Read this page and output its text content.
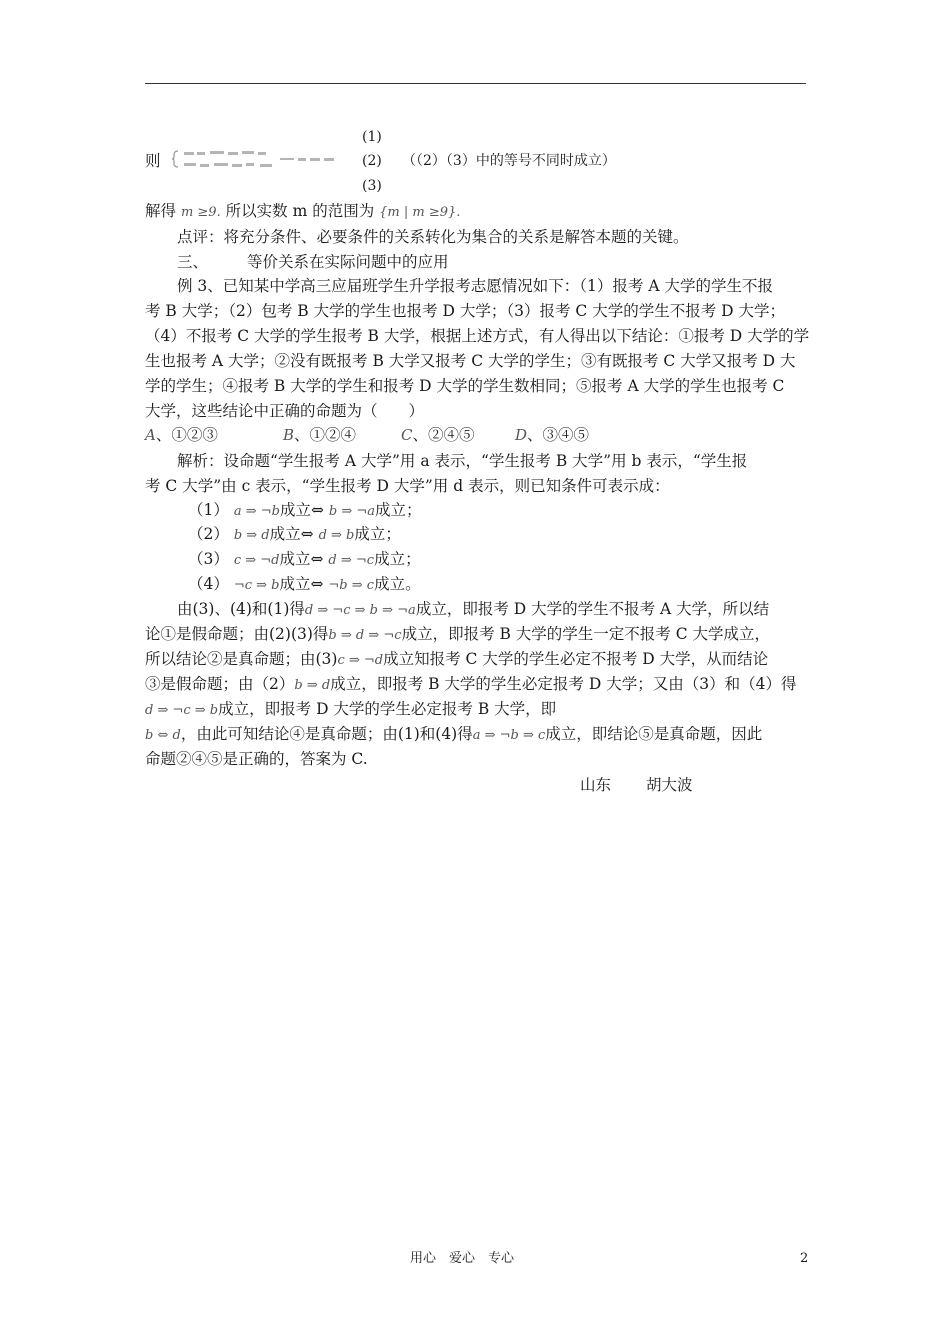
(1)
则	(2) （（2）（3）中的等号不同时成立）
(3)
解得 m ≥9. 所以实数 m 的范围为 {m | m ≥9}.
点评：将充分条件、必要条件的关系转化为集合的关系是解答本题的关键。
三、	等价关系在实际问题中的应用
例 3、已知某中学高三应届班学生升学报考志愿情况如下：（1）报考 A 大学的学生不报
考 B 大学；（2）包考 B 大学的学生也报考 D 大学；（3）报考 C 大学的学生不报考 D 大学；
（4）不报考 C 大学的学生报考 B 大学，根据上述方式，有人得出以下结论：①报考 D 大学的学
生也报考 A 大学；②没有既报考 B 大学又报考 C 大学的学生；③有既报考 C 大学又报考 D 大
学的学生；④报考 B 大学的学生和报考 D 大学的学生数相同；⑤报考 A 大学的学生也报考 C
大学，这些结论中正确的命题为（　　）
A、①②③	B、①②④	C、②④⑤	D、③④⑤
解析：设命题“学生报考 A 大学”用 a 表示，“学生报考 B 大学”用 b 表示，“学生报
考 C 大学”由 c 表示，“学生报考 D 大学”用 d 表示，则已知条件可表示成：
（1） a ⇒ ¬b成立⇔ b ⇒ ¬a成立；
（2） b ⇒ d成立⇔ d ⇒ b成立；
（3） c ⇒ ¬d成立⇔ d ⇒ ¬c成立；
（4） ¬c ⇒ b成立⇔ ¬b ⇒ c成立。
由(3)、(4)和(1)得d ⇒ ¬c ⇒ b ⇒ ¬a成立，即报考 D 大学的学生不报考 A 大学，所以结
论①是假命题；由(2)(3)得b ⇒ d ⇒ ¬c成立，即报考 B 大学的学生一定不报考 C 大学成立，
所以结论②是真命题；由(3)c ⇒ ¬d成立知报考 C 大学的学生必定不报考 D 大学，从而结论
③是假命题；由（2）b ⇒ d成立，即报考 B 大学的学生必定报考 D 大学；又由（3）和（4）得
d ⇒ ¬c ⇒ b成立，即报考 D 大学的学生必定报考 B 大学，即
b ⇔ d，由此可知结论④是真命题；由(1)和(4)得a ⇒ ¬b ⇒ c成立，即结论⑤是真命题，因此
命题②④⑤是正确的，答案为 C.
山东 胡大波
用心　爱心　专心	2
